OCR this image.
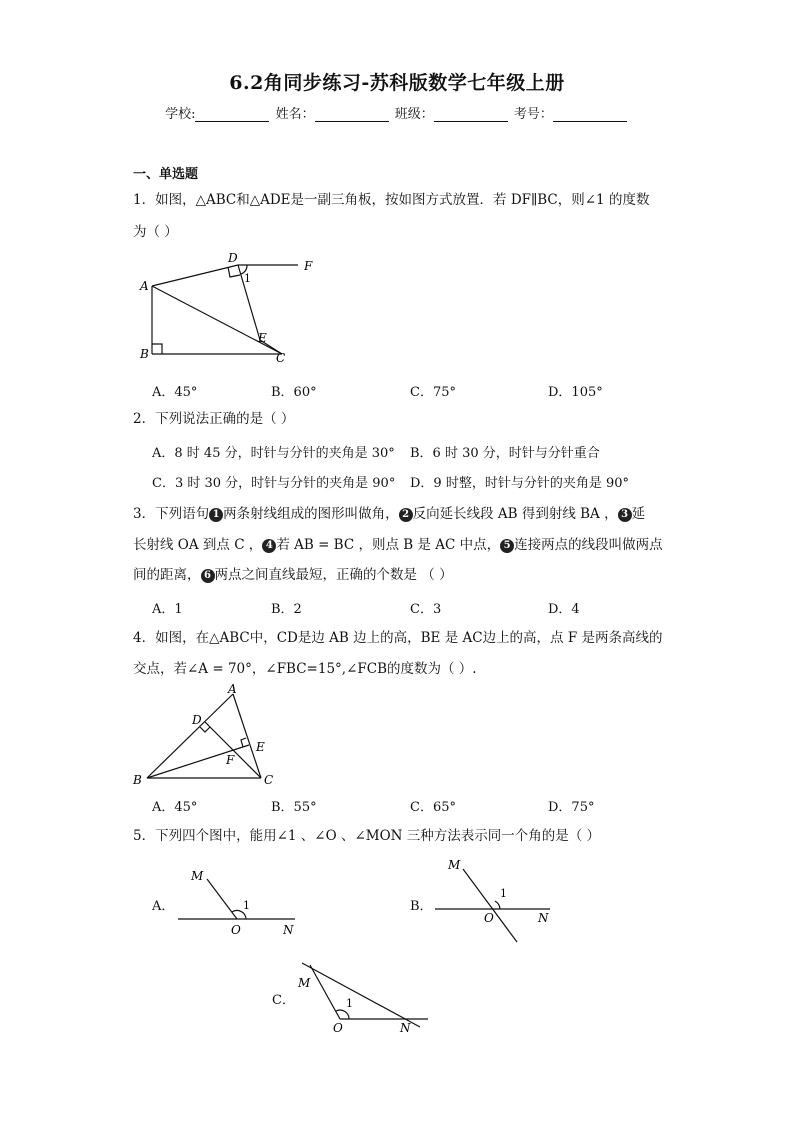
6.2角同步练习-苏科版数学七年级上册
学校:	姓名：	班级：	考号：
一、单选题
1．如图，△ABC和△ADE是一副三角板，按如图方式放置．若 DF∥BC，则∠1 的度数
为（ ）
A
B	C
D
E
F
1
A．45°	B．60°	C．75°	D．105°
2．下列说法正确的是（ ）
A．8 时 45 分，时针与分针的夹角是 30° B．6 时 30 分，时针与分针重合
C．3 时 30 分，时针与分针的夹角是 90° D．9 时整，时针与分针的夹角是 90°
3．下列语句 1 两条射线组成的图形叫做角， 2 反向延长线段 AB 得到射线 BA ， 3 延
长射线 OA 到点 C ， 4 若 AB = BC ，则点 B 是 AC 中点， 5 连接两点的线段叫做两点
间的距离， 6 两点之间直线最短，正确的个数是 （ ）
A．1	B．2	C．3	D．4
4．如图，在△ABC中，CD是边 AB 边上的高，BE 是 AC边上的高，点 F 是两条高线的
交点，若∠A = 70°，∠FBC=15°,∠FCB的度数为（ ）.
A
B	C
D
E
F
A．45°	B．55°	C．65°	D．75°
5．下列四个图中，能用∠1 、∠O 、∠MON 三种方法表示同一个角的是（ ）
A．
M
O	N
1	B．
M
O	N
1
C．
M
O	N
1
